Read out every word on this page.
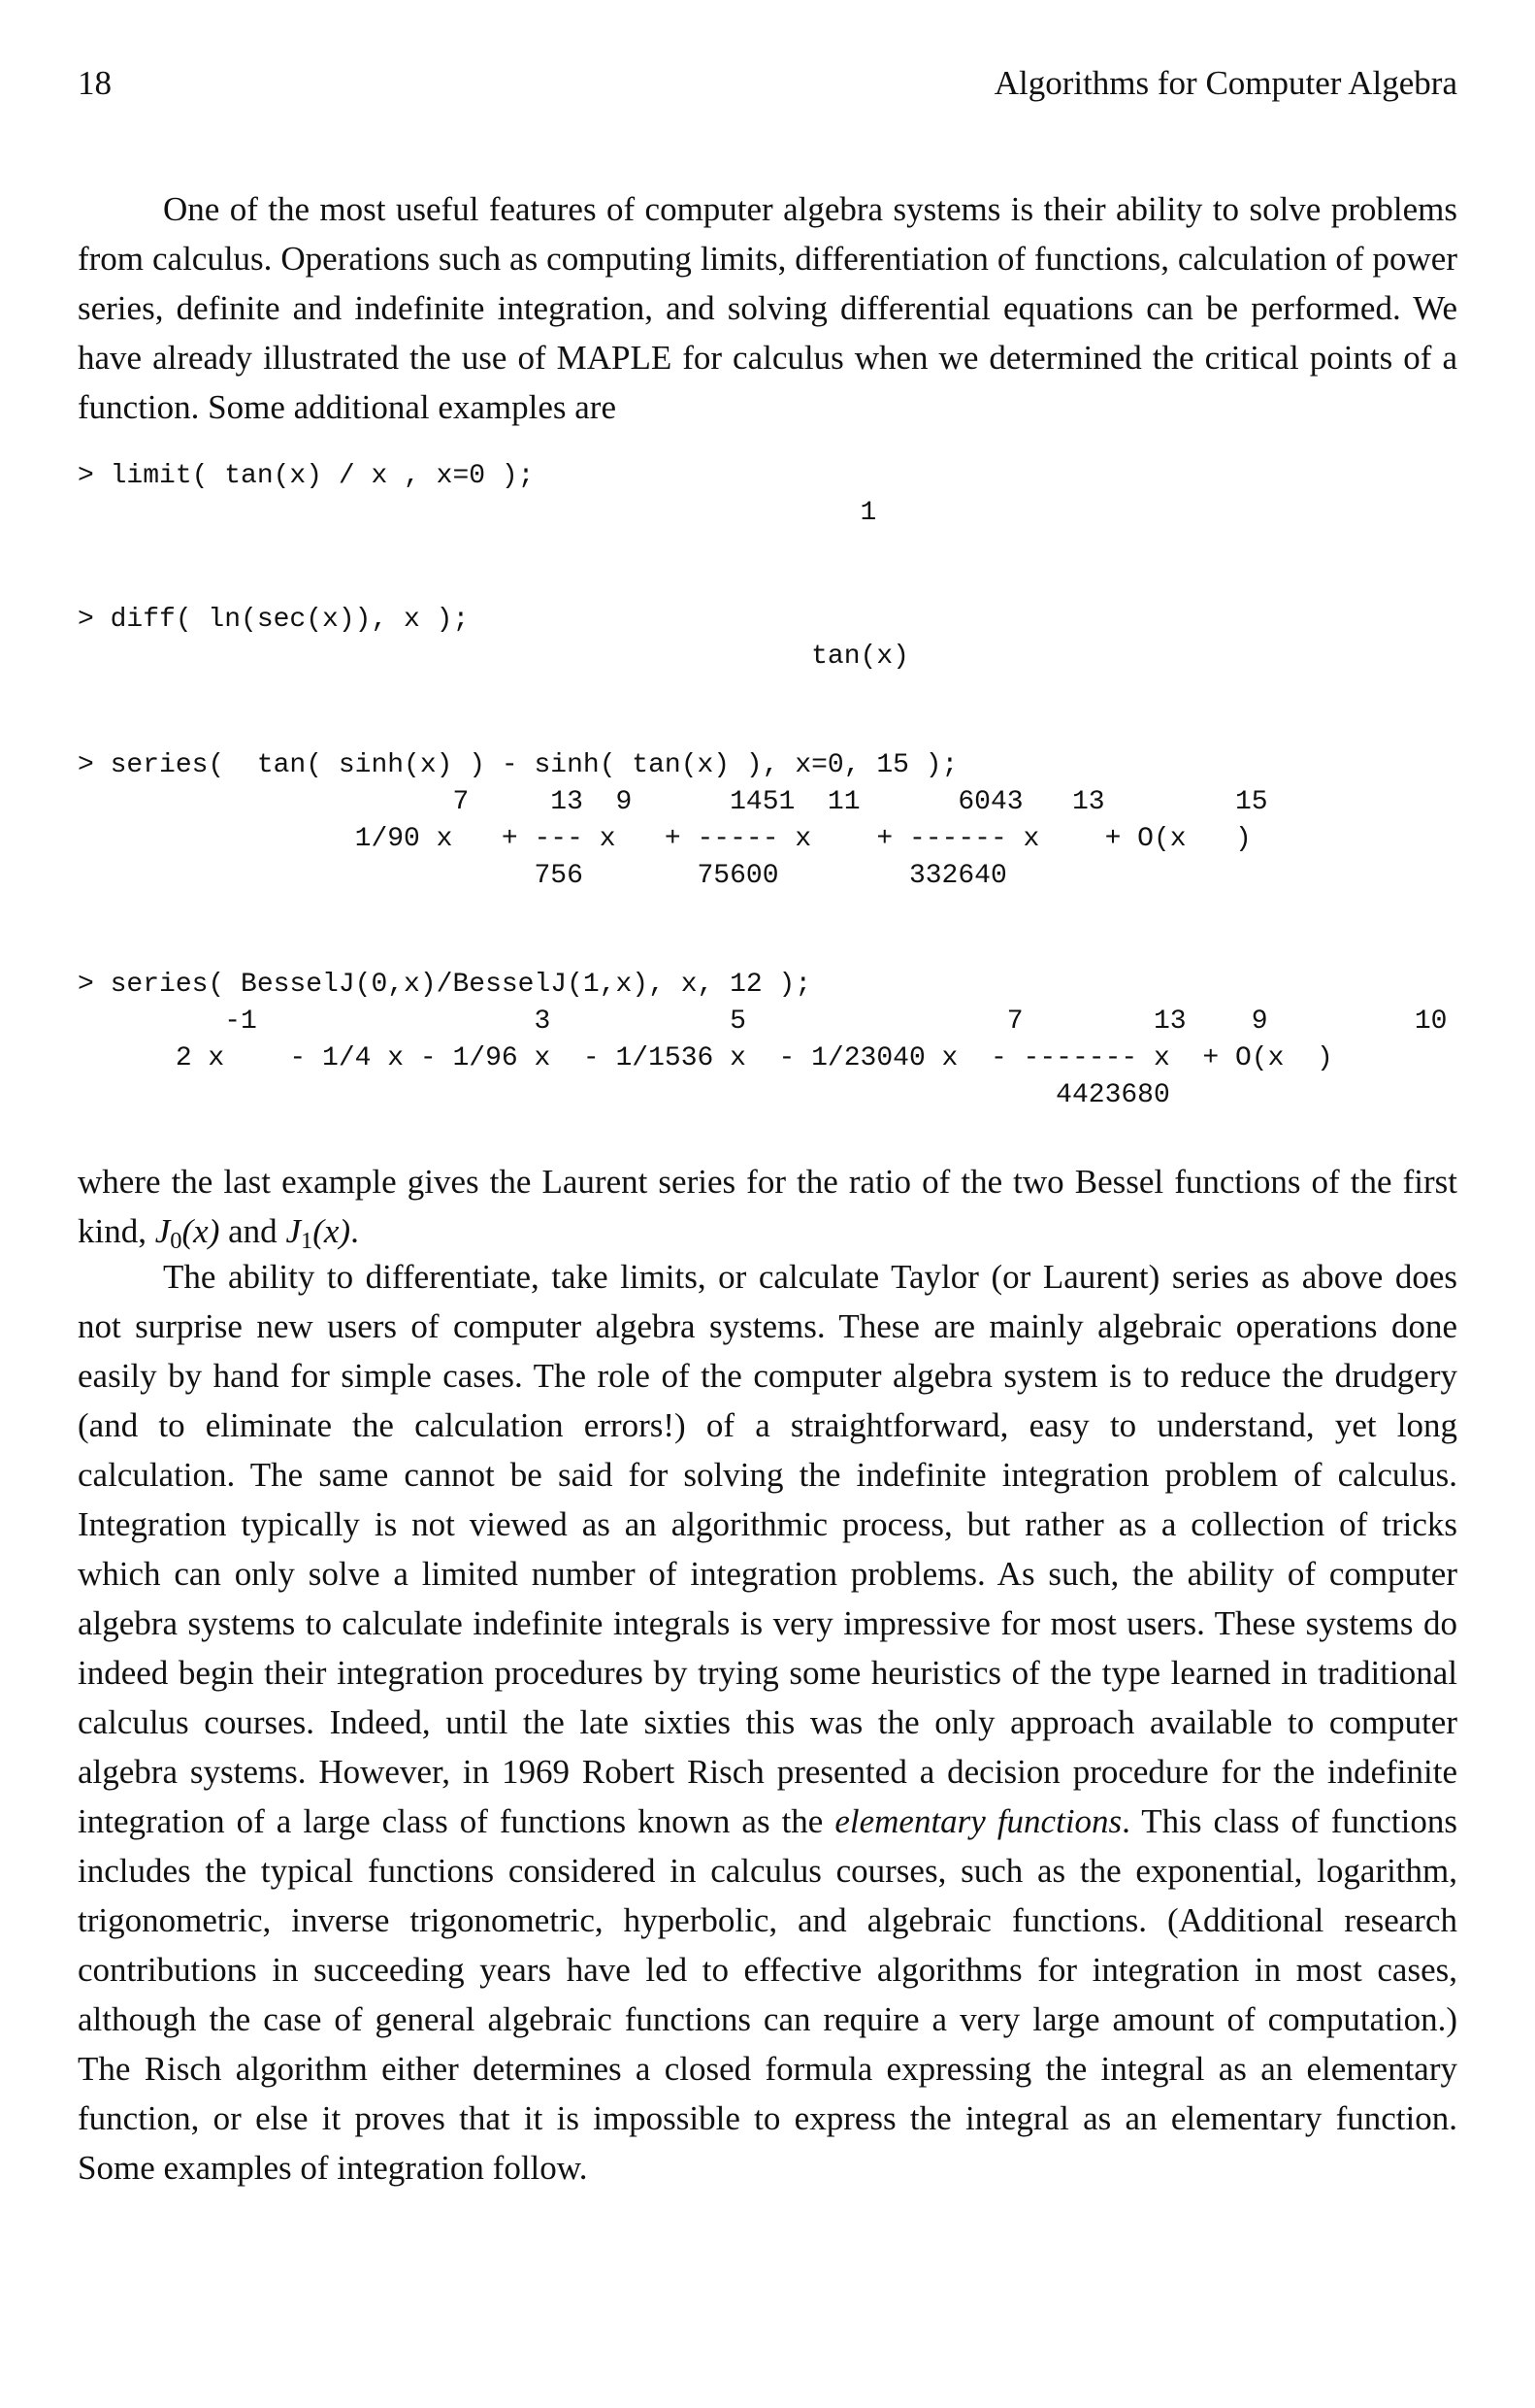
18	Algorithms for Computer Algebra

One of the most useful features of computer algebra systems is their ability to solve problems from calculus. Operations such as computing limits, differentiation of functions, calculation of power series, definite and indefinite integration, and solving differential equations can be performed. We have already illustrated the use of MAPLE for calculus when we determined the critical points of a function. Some additional examples are

> limit( tan(x) / x , x=0 );
1
> diff( ln(sec(x)), x );
tan(x)
> series(  tan( sinh(x) ) - sinh( tan(x) ), x=0, 15 );
7     13  9      1451  11      6043   13        15
1/90 x   + --- x   + ----- x    + ------ x    + O(x   )
756       75600        332640
> series( BesselJ(0,x)/BesselJ(1,x), x, 12 );
-1                 3           5                7        13    9         10
2 x    - 1/4 x - 1/96 x  - 1/1536 x  - 1/23040 x  - ------- x  + O(x  )
4423680

where the last example gives the Laurent series for the ratio of the two Bessel functions of the first kind, $J_0(x)$ and $J_1(x)$.

The ability to differentiate, take limits, or calculate Taylor (or Laurent) series as above does not surprise new users of computer algebra systems. These are mainly algebraic operations done easily by hand for simple cases. The role of the computer algebra system is to reduce the drudgery (and to eliminate the calculation errors!) of a straightforward, easy to understand, yet long calculation. The same cannot be said for solving the indefinite integration problem of calculus. Integration typically is not viewed as an algorithmic process, but rather as a collection of tricks which can only solve a limited number of integration problems. As such, the ability of computer algebra systems to calculate indefinite integrals is very impressive for most users. These systems do indeed begin their integration procedures by trying some heuristics of the type learned in traditional calculus courses. Indeed, until the late sixties this was the only approach available to computer algebra systems. However, in 1969 Robert Risch presented a decision procedure for the indefinite integration of a large class of functions known as the elementary functions. This class of functions includes the typical functions considered in calculus courses, such as the exponential, logarithm, trigonometric, inverse trigonometric, hyperbolic, and algebraic functions. (Additional research contributions in succeeding years have led to effective algorithms for integration in most cases, although the case of general algebraic functions can require a very large amount of computation.) The Risch algorithm either determines a closed formula expressing the integral as an elementary function, or else it proves that it is impossible to express the integral as an elementary function. Some examples of integration follow.
